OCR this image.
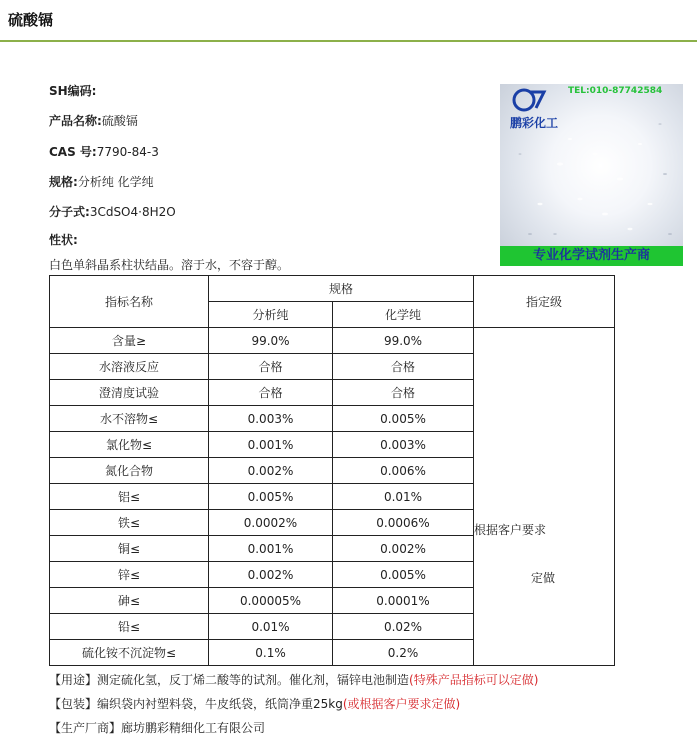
硫酸镉
SH编码:
产品名称:硫酸镉
CAS 号:7790-84-3
规格:分析纯 化学纯
分子式:3CdSO4·8H2O
性状:
白色单斜晶系柱状结晶。溶于水，不容于醇。
鹏彩化工
TEL:010-87742584
专业化学试剂生产商
指标名称	规格		指定级
	分析纯	化学纯	
含量≥	99.0%	99.0%	根据客户要求
定做

水溶液反应	合格	合格	
澄清度试验	合格	合格	
水不溶物≤	0.003%	0.005%	
氯化物≤	0.001%	0.003%	
氮化合物	0.002%	0.006%	
铝≤	0.005%	0.01%	
铁≤	0.0002%	0.0006%	
铜≤	0.001%	0.002%	
锌≤	0.002%	0.005%	
砷≤	0.00005%	0.0001%	
铅≤	0.01%	0.02%	
硫化铵不沉淀物≤	0.1%	0.2%	
【用途】测定硫化氢，反丁烯二酸等的试剂。催化剂，镉锌电池制造(特殊产品指标可以定做)
【包装】编织袋内衬塑料袋，牛皮纸袋，纸筒净重25kg(或根据客户要求定做)
【生产厂商】廊坊鹏彩精细化工有限公司
